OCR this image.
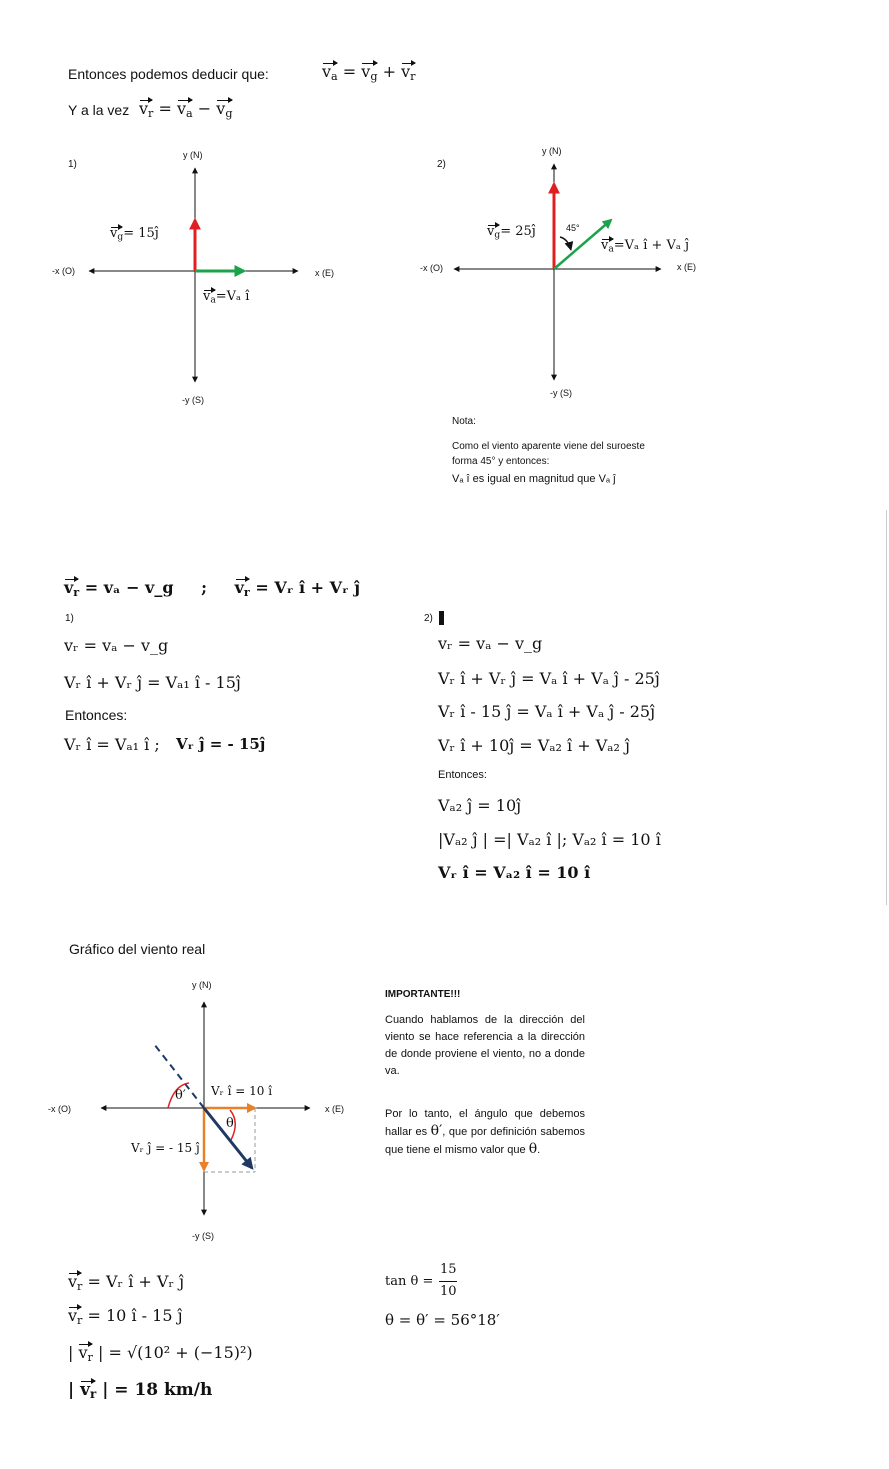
Entonces podemos deducir que:	$v_a = v_g + v_r$
Y a la vez $v_r = v_a - v_g$
1)
y (N)
-y (S)
-x (O)	x (E)
$v_g=$ 15ĵ
$v_a=V_a$ î
2)
y (N)
-y (S)
-x (O)	x (E)
$v_g=$ 25ĵ	45°
$v_a=V_a$ î + Vₐ ĵ
Nota:
Como el viento aparente viene del suroeste
forma 45° y entonces:
Vₐ î es igual en magnitud que Vₐ ĵ
$v_r = v_a$ − v_g ; $v_r$ = Vᵣ î + Vᵣ ĵ
1)
vᵣ = vₐ − v_g
Vᵣ î + Vᵣ ĵ = Vₐ₁ î - 15ĵ
Entonces:
Vᵣ î = Vₐ₁ î ; Vᵣ ĵ = - 15ĵ
2)
vᵣ = vₐ − v_g
Vᵣ î + Vᵣ ĵ = Vₐ î + Vₐ ĵ - 25ĵ
Vᵣ î - 15 ĵ = Vₐ î + Vₐ ĵ - 25ĵ
Vᵣ î + 10ĵ = Vₐ₂ î + Vₐ₂ ĵ
Entonces:
Vₐ₂ ĵ = 10ĵ
|Vₐ₂ ĵ | =| Vₐ₂ î |; Vₐ₂ î = 10 î
Vᵣ î = Vₐ₂ î = 10 î
Gráfico del viento real
y (N)
-y (S)
-x (O)	x (E)
Vᵣ î = 10 î
Vᵣ ĵ = - 15 ĵ
θ
θ′
IMPORTANTE!!!
Cuando hablamos de la dirección del viento se hace referencia a la dirección de donde proviene el viento, no a donde va.
Por lo tanto, el ángulo que debemos hallar es θ′, que por definición sabemos que tiene el mismo valor que θ.
$v_r$ = Vᵣ î + Vᵣ ĵ
$v_r = 10$ î - 15 ĵ
| $v_r$ | = √(10² + (−15)²)
| $v_r$ | = 18 km/h
tan θ =
15
10
θ = θ′ = 56°18′
